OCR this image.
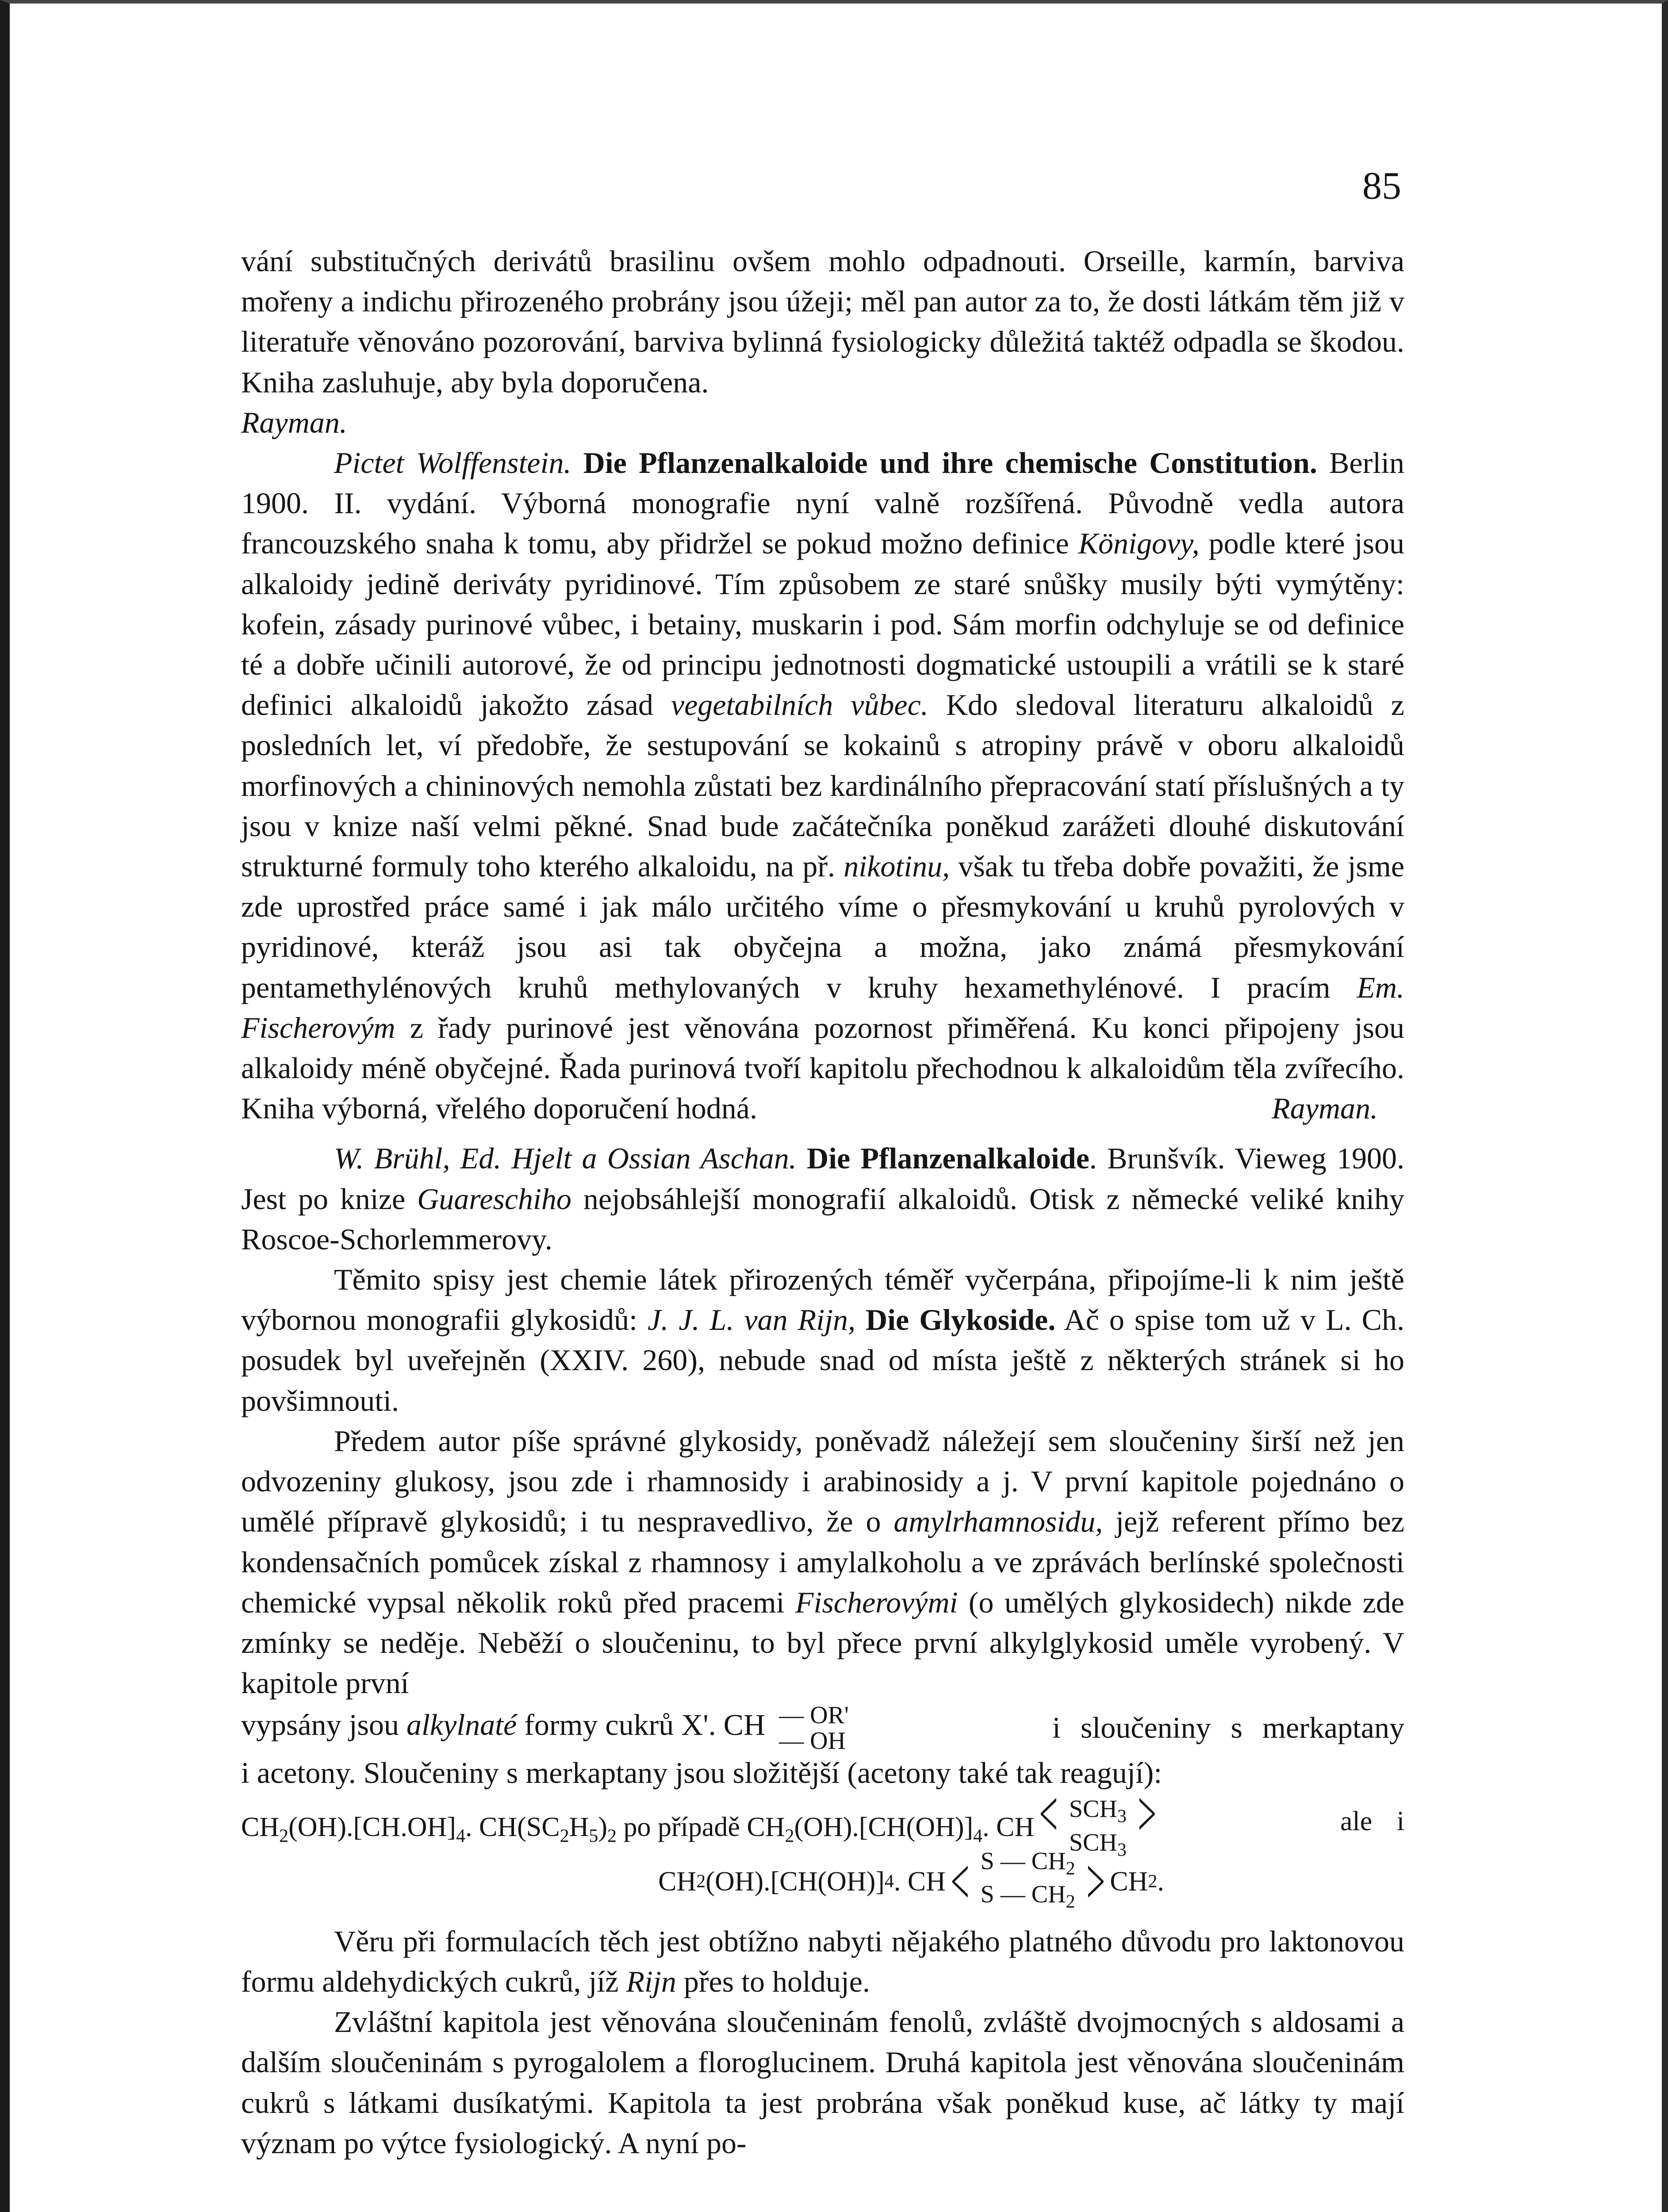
85

vání substitučných derivátů brasilinu ovšem mohlo odpadnouti. Orseille, karmín, barviva mořeny a indichu přirozeného probrány jsou úžeji; měl pan autor za to, že dosti látkám těm již v literatuře věnováno pozorování, barviva bylinná fysiologicky důležitá taktéž odpadla se škodou. Kniha zasluhuje, aby byla doporučena.

Rayman.

Pictet Wolffenstein. Die Pflanzenalkaloide und ihre chemische Constitution. Berlin 1900. II. vydání. Výborná monografie nyní valně rozšířená. Původně vedla autora francouzského snaha k tomu, aby přidržel se pokud možno definice Königovy, podle které jsou alkaloidy jedině deriváty pyridinové. Tím způsobem ze staré snůšky musily býti vymýtěny: kofein, zásady purinové vůbec, i betainy, muskarin i pod. Sám morfin odchyluje se od definice té a dobře učinili autorové, že od principu jednotnosti dogmatické ustoupili a vrátili se k staré definici alkaloidů jakožto zásad vegetabilních vůbec. Kdo sledoval literaturu alkaloidů z posledních let, ví předobře, že sestupování se kokainů s atropiny právě v oboru alkaloidů morfinových a chininových nemohla zůstati bez kardinálního přepracování statí příslušných a ty jsou v knize naší velmi pěkné. Snad bude začátečníka poněkud zarážeti dlouhé diskutování strukturné formuly toho kterého alkaloidu, na př. nikotinu, však tu třeba dobře považiti, že jsme zde uprostřed práce samé i jak málo určitého víme o přesmykování u kruhů pyrolových v pyridinové, kteráž jsou asi tak obyčejna a možna, jako známá přesmykování pentamethylénových kruhů methylovaných v kruhy hexamethylénové. I pracím Em. Fischerovým z řady purinové jest věnována pozornost přiměřená. Ku konci připojeny jsou alkaloidy méně obyčejné. Řada purinová tvoří kapitolu přechodnou k alkaloidům těla zvířecího. Kniha výborná, vřelého doporučení hodná.	Rayman.

W. Brühl, Ed. Hjelt a Ossian Aschan. Die Pflanzenalkaloide. Brunšvík. Vieweg 1900. Jest po knize Guareschiho nejobsáhlejší monografií alkaloidů. Otisk z německé veliké knihy Roscoe-Schorlemmerovy.

Těmito spisy jest chemie látek přirozených téměř vyčerpána, připojíme-li k nim ještě výbornou monografii glykosidů: J. J. L. van Rijn, Die Glykoside. Ač o spise tom už v L. Ch. posudek byl uveřejněn (XXIV. 260), nebude snad od místa ještě z některých stránek si ho povšimnouti.

Předem autor píše správné glykosidy, poněvadž náležejí sem sloučeniny širší než jen odvozeniny glukosy, jsou zde i rhamnosidy i arabinosidy a j. V první kapitole pojednáno o umělé přípravě glykosidů; i tu nespravedlivo, že o amylrhamnosidu, jejž referent přímo bez kondensačních pomůcek získal z rhamnosy i amylalkoholu a ve zprávách berlínské společnosti chemické vypsal několik roků před pracemi Fischerovými (o umělých glykosidech) nikde zde zmínky se neděje. Neběží o sloučeninu, to byl přece první alkylglykosid uměle vyrobený. V kapitole první

vypsány jsou alkylnaté formy cukrů X'. CH — OR'
— OH	i sloučeniny s merkaptany

i acetony. Sloučeniny s merkaptany jsou složitější (acetony také tak reagují):

$CH_2(OH).[CH.OH]_4$. $CH(SC_2H_5)_2$ po případě $CH_2(OH).[CH(OH)]_4$. $CH< SCH_3$
$SCH_3$ >	ale i
CH 2 (OH).[CH(OH)] 4 . CH < S — $CH_2$
S — $CH_2$ > CH 2 .

Věru při formulacích těch jest obtížno nabyti nějakého platného důvodu pro laktonovou formu aldehydických cukrů, jíž Rijn přes to holduje.

Zvláštní kapitola jest věnována sloučeninám fenolů, zvláště dvojmocných s aldosami a dalším sloučeninám s pyrogalolem a floroglucinem. Druhá kapitola jest věnována sloučeninám cukrů s látkami dusíkatými. Kapitola ta jest probrána však poněkud kuse, ač látky ty mají význam po výtce fysiologický. A nyní po-
